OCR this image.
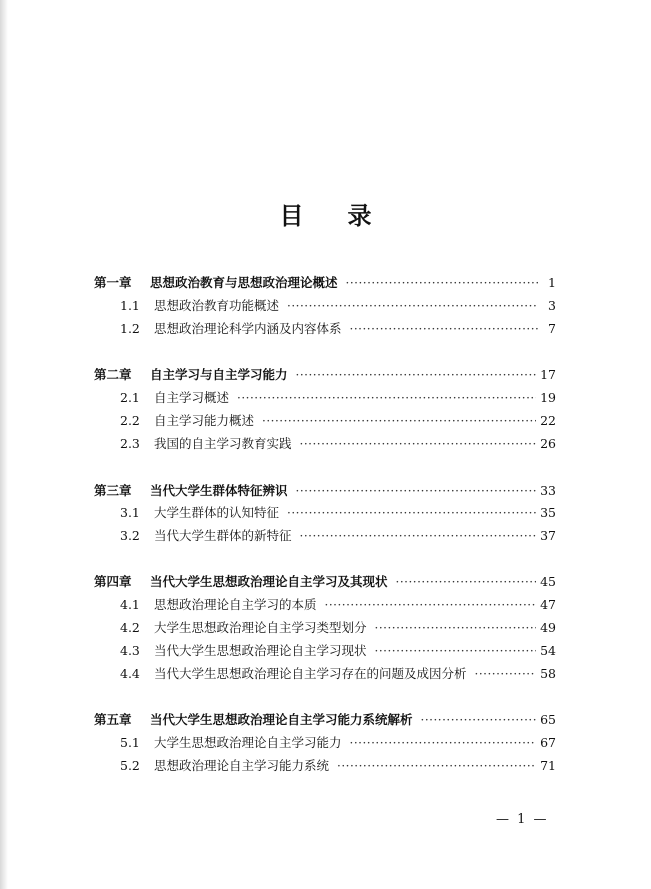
目 录
第一章	思想政治教育与思想政治理论概述 ·····	1
1.1	思想政治教育功能概述 ·····	3
1.2	思想政治理论科学内涵及内容体系 ·····	7
第二章	自主学习与自主学习能力 ·····	17
2.1	自主学习概述 ·····	19
2.2	自主学习能力概述 ·····	22
2.3	我国的自主学习教育实践 ·····	26
第三章	当代大学生群体特征辨识 ·····	33
3.1	大学生群体的认知特征 ·····	35
3.2	当代大学生群体的新特征 ·····	37
第四章	当代大学生思想政治理论自主学习及其现状 ·····	45
4.1	思想政治理论自主学习的本质 ·····	47
4.2	大学生思想政治理论自主学习类型划分 ·····	49
4.3	当代大学生思想政治理论自主学习现状 ·····	54
4.4	当代大学生思想政治理论自主学习存在的问题及成因分析 ·····	58
第五章	当代大学生思想政治理论自主学习能力系统解析 ·····	65
5.1	大学生思想政治理论自主学习能力 ·····	67
5.2	思想政治理论自主学习能力系统 ·····	71
— 1 —
